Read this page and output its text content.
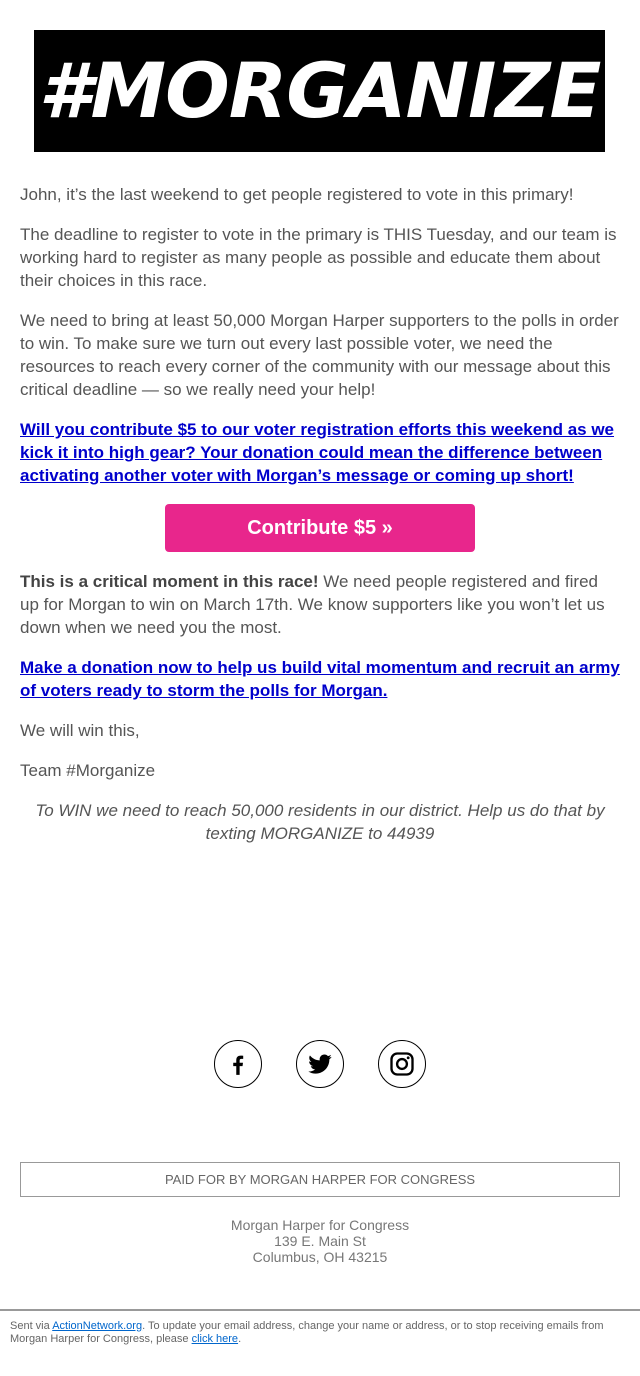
#MORGANIZE

John, it’s the last weekend to get people registered to vote in this primary!

The deadline to register to vote in the primary is THIS Tuesday, and our team is working hard to register as many people as possible and educate them about their choices in this race.

We need to bring at least 50,000 Morgan Harper supporters to the polls in order to win. To make sure we turn out every last possible voter, we need the resources to reach every corner of the community with our message about this critical deadline — so we really need your help!

Will you contribute $5 to our voter registration efforts this weekend as we kick it into high gear? Your donation could mean the difference between activating another voter with Morgan’s message or coming up short!

Contribute $5 »

This is a critical moment in this race! We need people registered and fired up for Morgan to win on March 17th. We know supporters like you won’t let us down when we need you the most.

Make a donation now to help us build vital momentum and recruit an army of voters ready to storm the polls for Morgan.

We will win this,

Team #Morganize

To WIN we need to reach 50,000 residents in our district. Help us do that by texting MORGANIZE to 44939

PAID FOR BY MORGAN HARPER FOR CONGRESS
Morgan Harper for Congress
139 E. Main St
Columbus, OH 43215
Sent via ActionNetwork.org. To update your email address, change your name or address, or to stop receiving emails from Morgan Harper for Congress, please click here.
